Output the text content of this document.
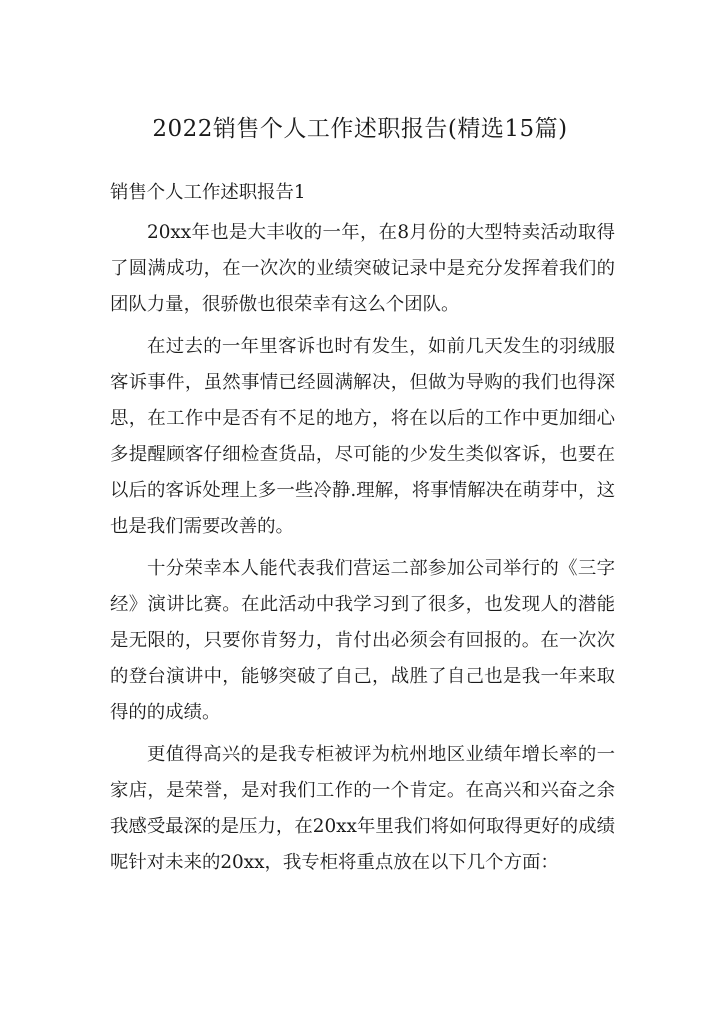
2022销售个人工作述职报告(精选15篇)
销售个人工作述职报告1

20xx年也是大丰收的一年，在8月份的大型特卖活动取得了圆满成功，在一次次的业绩突破记录中是充分发挥着我们的团队力量，很骄傲也很荣幸有这么个团队。

在过去的一年里客诉也时有发生，如前几天发生的羽绒服客诉事件，虽然事情已经圆满解决，但做为导购的我们也得深思，在工作中是否有不足的地方，将在以后的工作中更加细心多提醒顾客仔细检查货品，尽可能的少发生类似客诉，也要在以后的客诉处理上多一些冷静.理解，将事情解决在萌芽中，这也是我们需要改善的。

十分荣幸本人能代表我们营运二部参加公司举行的《三字经》演讲比赛。在此活动中我学习到了很多，也发现人的潜能是无限的，只要你肯努力，肯付出必须会有回报的。在一次次的登台演讲中，能够突破了自己，战胜了自己也是我一年来取得的的成绩。

更值得高兴的是我专柜被评为杭州地区业绩年增长率的一家店，是荣誉，是对我们工作的一个肯定。在高兴和兴奋之余我感受最深的是压力，在20xx年里我们将如何取得更好的成绩呢针对未来的20xx，我专柜将重点放在以下几个方面：
